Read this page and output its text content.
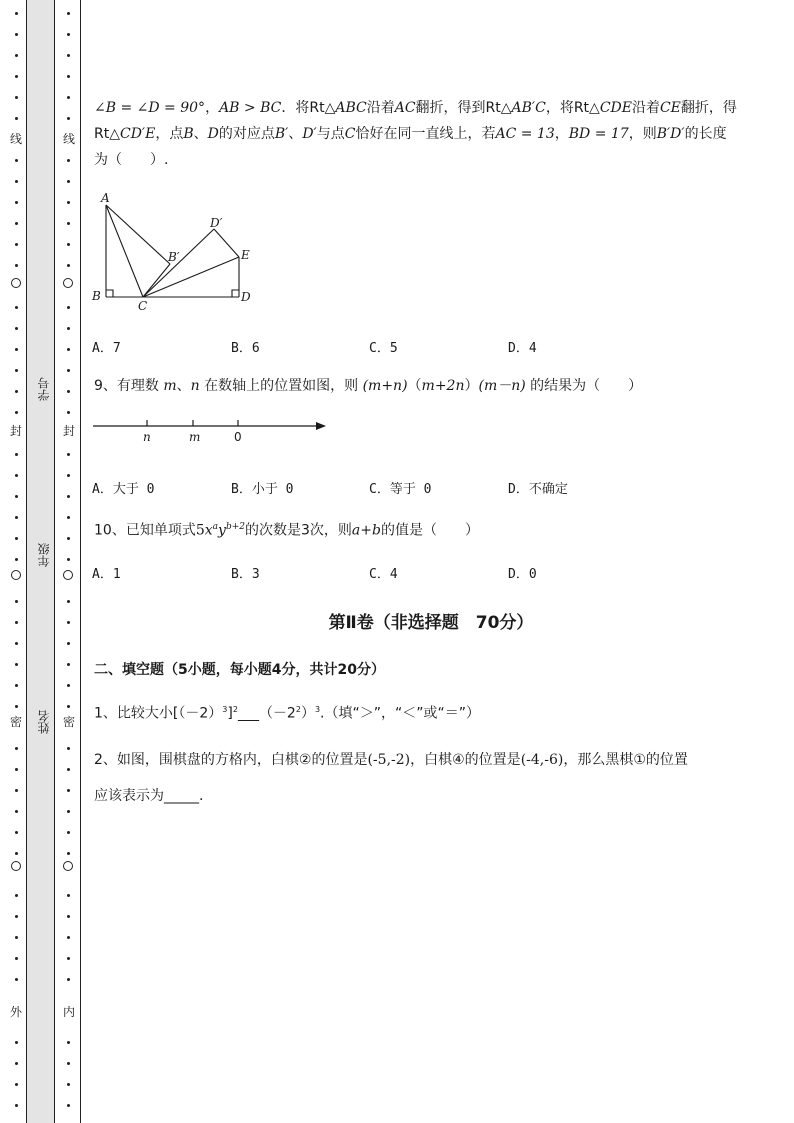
线
封
密
外
线
封
密
内
学号
年级
姓名
∠B = ∠D = 90°，AB > BC．将Rt△ABC沿着AC翻折，得到Rt△AB′C，将Rt△CDE沿着CE翻折，得
Rt△CD′E，点B、D的对应点B′、D′与点C恰好在同一直线上，若AC = 13，BD = 17，则B′D′的长度
为（　　）.
A
B′
D′
E
B
C
D
A．7	B．6	C．5	D．4
9、有理数 m、n 在数轴上的位置如图，则 (m+n)（m+2n）(m－n) 的结果为（　　）
n	m	0
A．大于 0	B．小于 0	C．等于 0	D．不确定
10、已知单项式$5x^ay^{b+2}$的次数是3次，则a+b的值是（　　）
A．1	B．3	C．4	D．0
第Ⅱ卷（非选择题　70分）
二、填空题（5小题，每小题4分，共计20分）
1、比较大小$[(-2)^3]^2\_\_\_(-2^2)^3$.（填“＞”，“＜”或“＝”）
2、如图，围棋盘的方格内，白棋②的位置是(-5,-2)，白棋④的位置是(-4,-6)，那么黑棋①的位置
应该表示为_____.
